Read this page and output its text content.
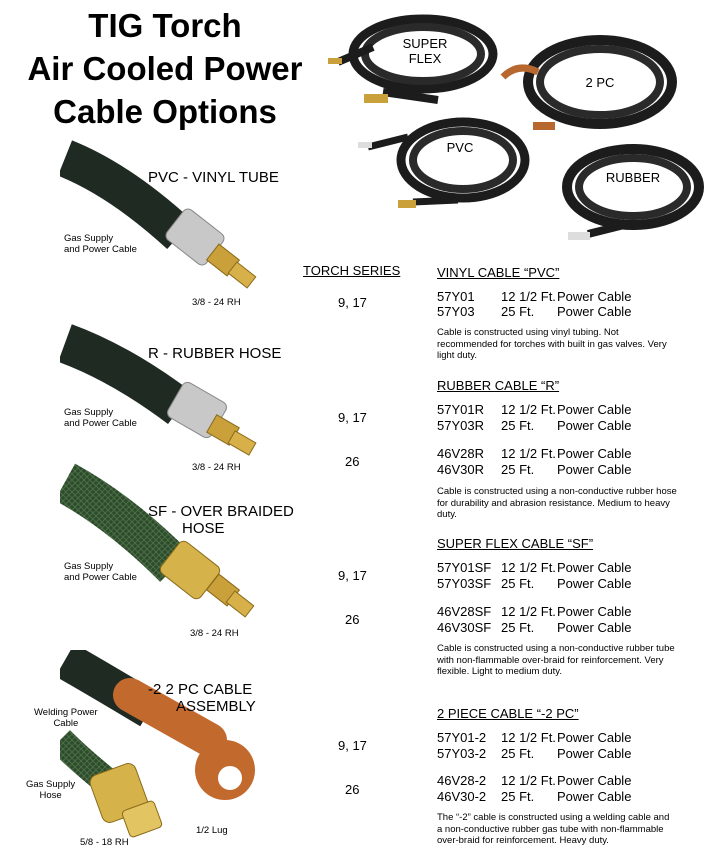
TIG Torch
Air Cooled Power
Cable Options
SUPER
FLEX
2 PC
PVC
RUBBER
PVC - VINYL TUBE
Gas Supply
and Power Cable
3/8 - 24 RH
R - RUBBER HOSE
Gas Supply
and Power Cable
3/8 - 24 RH
SF - OVER BRAIDED
HOSE
Gas Supply
and Power Cable
3/8 - 24 RH
-2 2 PC CABLE
ASSEMBLY
Welding Power
Cable
Gas Supply
Hose
5/8 - 18 RH
1/2 Lug
TORCH SERIES
9, 17
9, 17
26
9, 17
26
9, 17
26
VINYL CABLE “PVC”
57Y01 12 1/2 Ft.Power Cable
57Y03 25 Ft. Power Cable
Cable is constructed using vinyl tubing. Not recommended for torches with built in gas valves. Very light duty.
RUBBER CABLE “R”
57Y01R 12 1/2 Ft.Power Cable
57Y03R 25 Ft. Power Cable
46V28R 12 1/2 Ft.Power Cable
46V30R 25 Ft. Power Cable
Cable is constructed using a non-conductive rubber hose for durability and abrasion resistance. Medium to heavy duty.
SUPER FLEX CABLE “SF”
57Y01SF 12 1/2 Ft.Power Cable
57Y03SF 25 Ft. Power Cable
46V28SF 12 1/2 Ft.Power Cable
46V30SF 25 Ft. Power Cable
Cable is constructed using a non-conductive rubber tube with non-flammable over-braid for reinforcement. Very flexible. Light to medium duty.
2 PIECE CABLE “-2 PC”
57Y01-2 12 1/2 Ft.Power Cable
57Y03-2 25 Ft. Power Cable
46V28-2 12 1/2 Ft.Power Cable
46V30-2 25 Ft. Power Cable
The “-2” cable is constructed using a welding cable and a non-conductive rubber gas tube with non-flammable over-braid for reinforcement. Heavy duty.
